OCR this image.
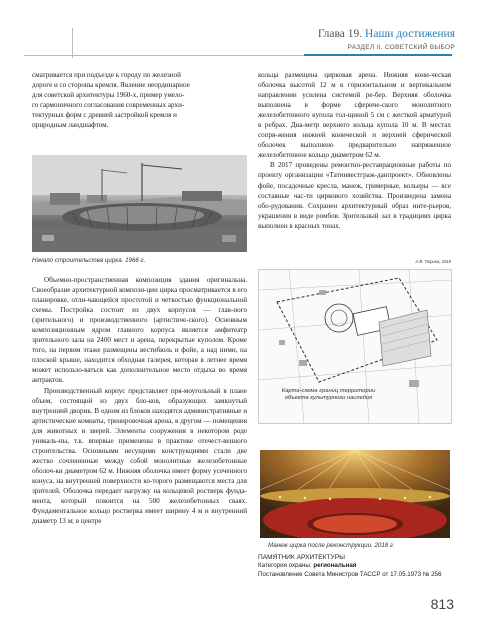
Глава 19. Наши достижения
РАЗДЕЛ II. СОВЕТСКИЙ ВЫБОР

сматривается при подъезде к городу по железной

дороге и со стороны кремля. Явление неординарное

для советской архитектуры 1960-х, пример умело-

го гармоничного согласования современных архи-

тектурных форм с древней застройкой кремля и

природным ландшафтом.

Начало строительства цирка. 1966 г.

кольца размещена цирковая арена. Нижняя кони-ческая оболочка высотой 12 м в горизонтальном и вертикальном направлении усилена системой ре-бер. Верхняя оболочка выполнена в форме сфериче-ского монолитного железобетонного купола тол-щиной 5 см с жесткой арматурой в ребрах. Диа-метр верхнего кольца купола 10 м. В местах сопря-жения нижней конической и верхней сферической оболочек выполнено предварительно напряженное железобетонное кольцо диаметром 62 м.

В 2017 проведены ремонтно-реставрационные работы по проекту организации «Татинвестграж-данпроект». Обновлены фойе, посадочные кресла, манеж, гримерные, вольеры — все составные час-ти циркового хозяйства. Произведена замена обо-рудования. Сохранен архитектурный образ инте-рьеров, украшения в виде ромбов. Зрительный зал в традициях цирка выполнен в красных тонах.

А.В. Тюрина, 2019

Объемно-пространственная композиция здания оригинальна. Своеобразие архитектурной компози-ции цирка просматривается в его планировке, отли-чающейся простотой и четкостью функциональной схемы. Постройка состоит из двух корпусов — глав-ного (зрительного) и производственного (артистиче-ского). Основным композиционным ядром главного корпуса является амфитеатр зрительного зала на 2400 мест и арена, перекрытые куполом. Кроме того, на первом этаже размещены вестибюль и фойе, а над ними, на плоской крыше, находится обходная галерея, которая в летнее время может использо-ваться как дополнительное место отдыха во время антрактов.

Производственный корпус представляет пря-моугольный в плане объем, состоящий из двух бло-ков, образующих замкнутый внутренний дворик. В одном из блоков находятся административные и артистические комнаты, тренировочная арена, в другом — помещения для животных и зверей. Элементы сооружения в некотором роде уникаль-ны, т.к. впервые применены в практике отечест-венного строительства. Основными несущими конструкциями стали две жестко сочлененные между собой монолитные железобетонные оболоч-ки диаметром 62 м. Нижняя оболочка имеет форму усеченного конуса, на внутренней поверхности ко-торого размещаются места для зрителей. Оболочка передает нагрузку на кольцевой ростверк фунда-мента, который покоится на 500 железобетонных сваях. Фундаментальное кольцо ростверка имеет ширину 4 м и внутренний диаметр 13 м; в центре

Карта-схема границ территории
объекта культурного наследия
Манеж цирка после реконструкции. 2018 г.
ПАМЯТНИК АРХИТЕКТУРЫ
Категория охраны: региональная
Постановление Совета Министров ТАССР от 17.05.1973 № 256
813
